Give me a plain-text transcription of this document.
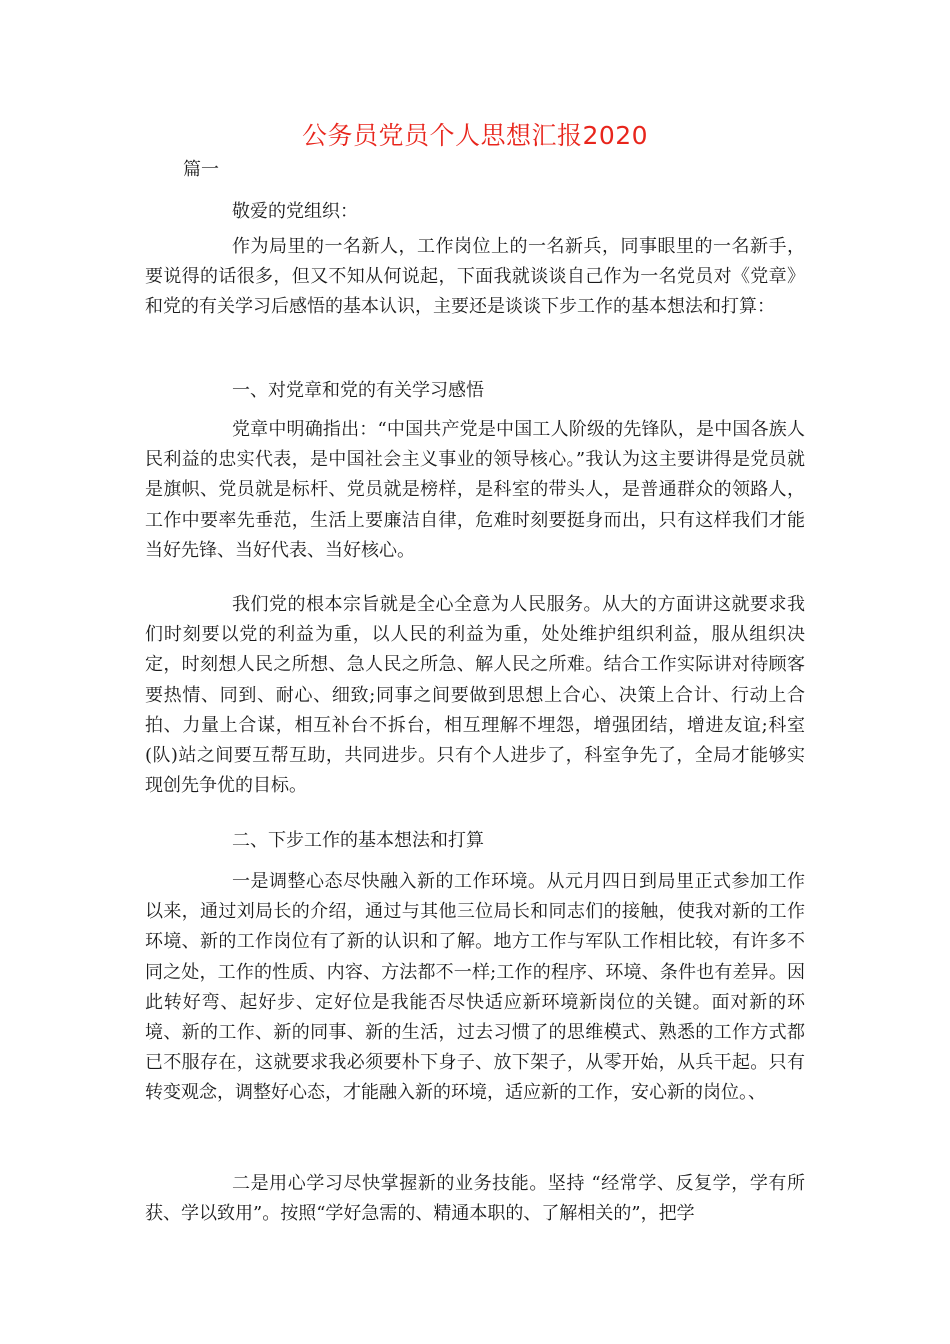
公务员党员个人思想汇报2020
篇一
敬爱的党组织：

作为局里的一名新人，工作岗位上的一名新兵，同事眼里的一名新手，要说得的话很多，但又不知从何说起，下面我就谈谈自己作为一名党员对《党章》和党的有关学习后感悟的基本认识，主要还是谈谈下步工作的基本想法和打算：

一、对党章和党的有关学习感悟

党章中明确指出：“中国共产党是中国工人阶级的先锋队，是中国各族人民利益的忠实代表，是中国社会主义事业的领导核心。”我认为这主要讲得是党员就是旗帜、党员就是标杆、党员就是榜样，是科室的带头人，是普通群众的领路人，工作中要率先垂范，生活上要廉洁自律，危难时刻要挺身而出，只有这样我们才能当好先锋、当好代表、当好核心。

我们党的根本宗旨就是全心全意为人民服务。从大的方面讲这就要求我们时刻要以党的利益为重，以人民的利益为重，处处维护组织利益，服从组织决定，时刻想人民之所想、急人民之所急、解人民之所难。结合工作实际讲对待顾客要热情、同到、耐心、细致;同事之间要做到思想上合心、决策上合计、行动上合拍、力量上合谋，相互补台不拆台，相互理解不埋怨，增强团结，增进友谊;科室(队)站之间要互帮互助，共同进步。只有个人进步了，科室争先了，全局才能够实现创先争优的目标。

二、下步工作的基本想法和打算

一是调整心态尽快融入新的工作环境。从元月四日到局里正式参加工作以来，通过刘局长的介绍，通过与其他三位局长和同志们的接触，使我对新的工作环境、新的工作岗位有了新的认识和了解。地方工作与军队工作相比较，有许多不同之处，工作的性质、内容、方法都不一样;工作的程序、环境、条件也有差异。因此转好弯、起好步、定好位是我能否尽快适应新环境新岗位的关键。面对新的环境、新的工作、新的同事、新的生活，过去习惯了的思维模式、熟悉的工作方式都已不服存在，这就要求我必须要朴下身子、放下架子，从零开始，从兵干起。只有转变观念，调整好心态，才能融入新的环境，适应新的工作，安心新的岗位。、

二是用心学习尽快掌握新的业务技能。坚持 “经常学、反复学，学有所获、学以致用”。按照“学好急需的、精通本职的、了解相关的”，把学
